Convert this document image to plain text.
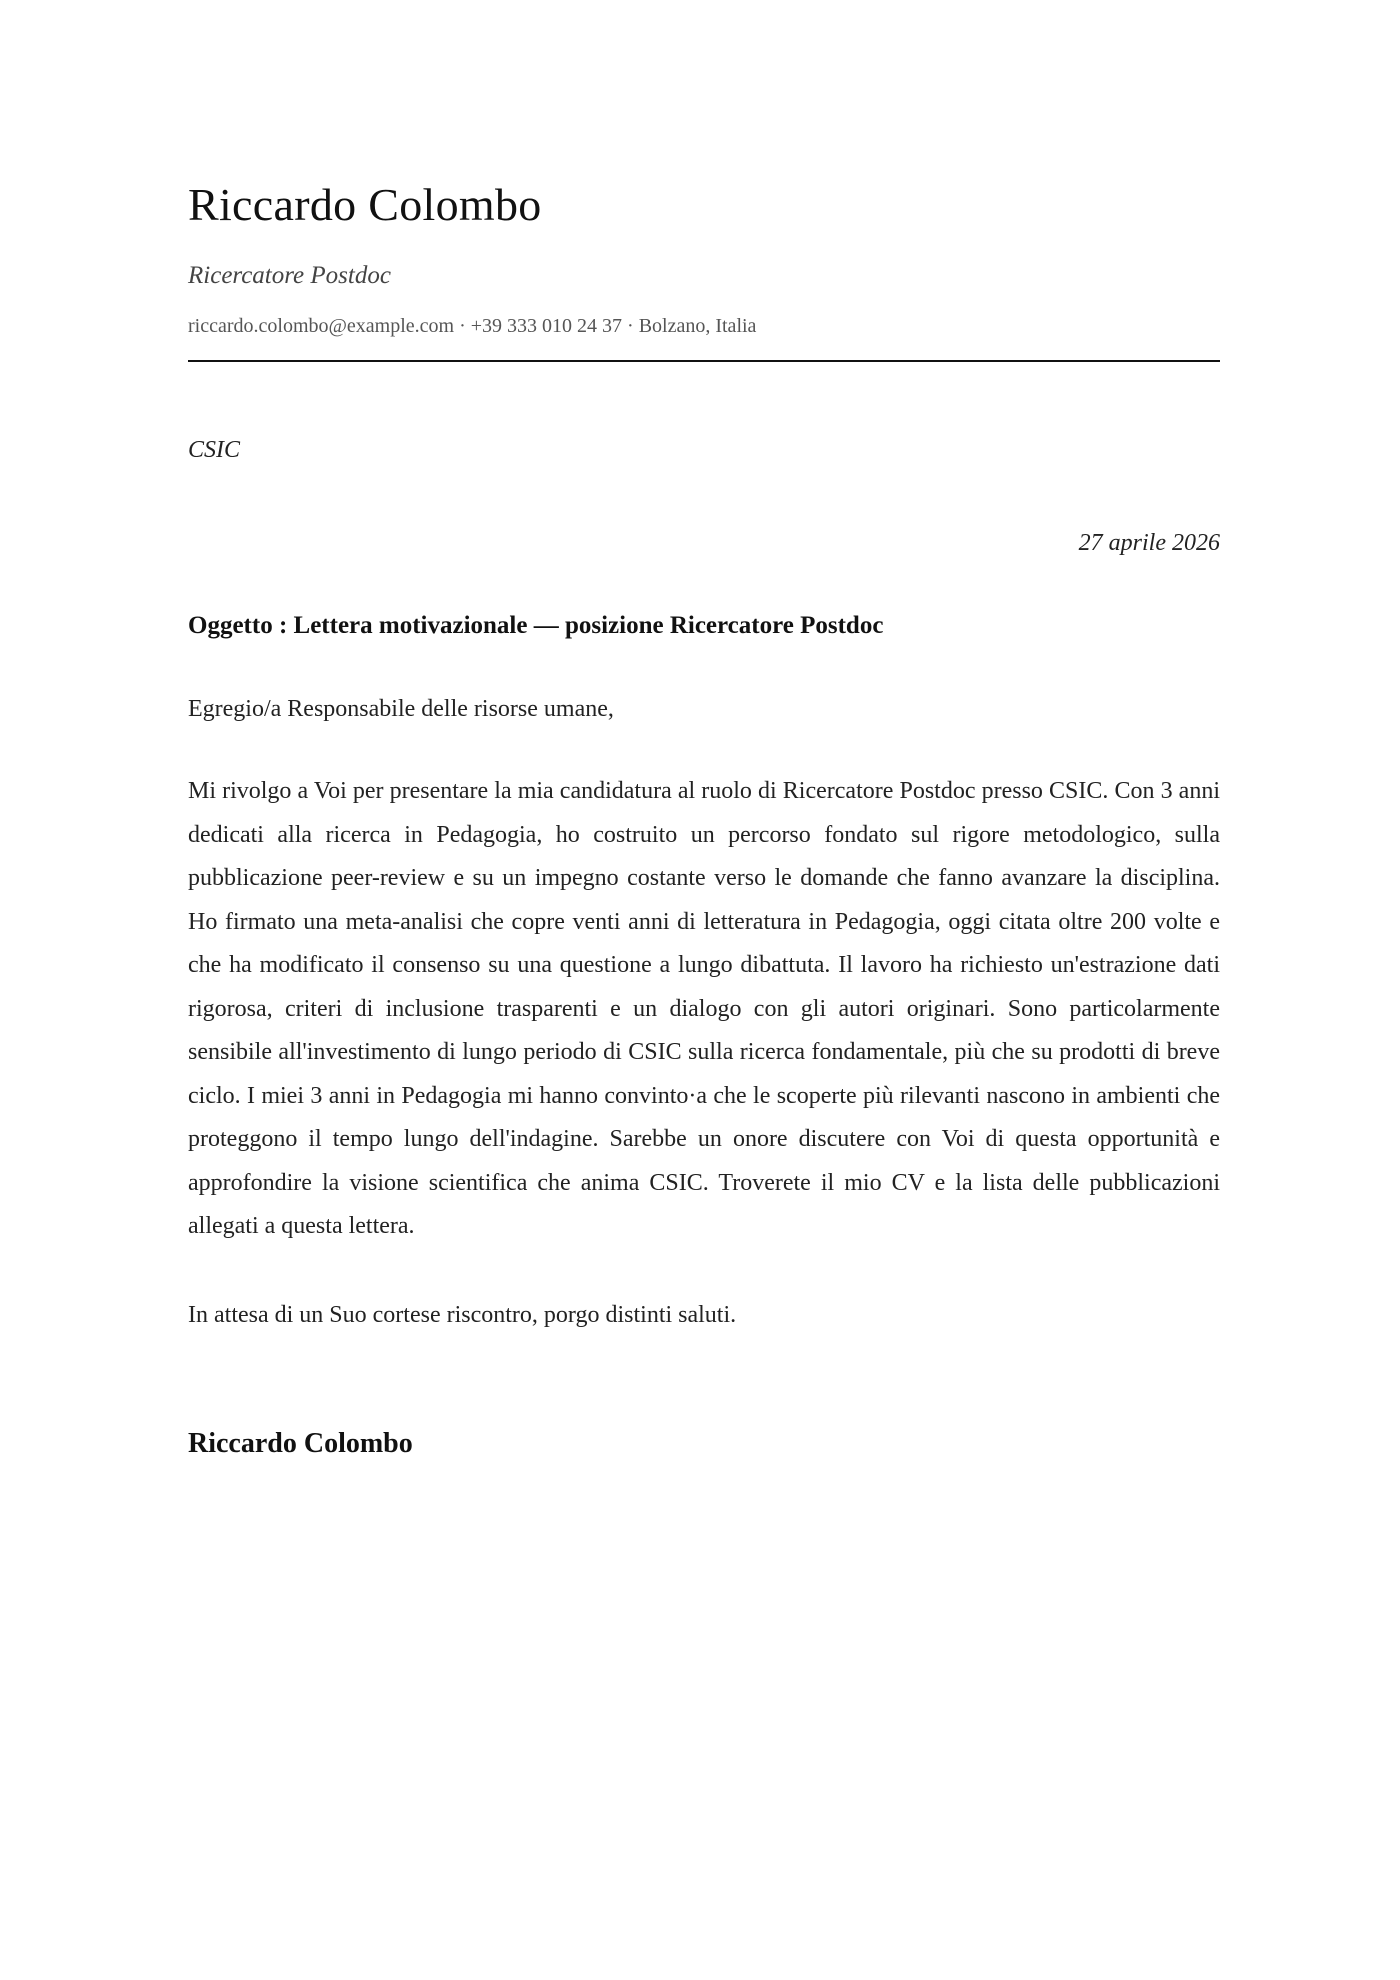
Riccardo Colombo
Ricercatore Postdoc
riccardo.colombo@example.com · +39 333 010 24 37 · Bolzano, Italia
CSIC
27 aprile 2026
Oggetto : Lettera motivazionale — posizione Ricercatore Postdoc
Egregio/a Responsabile delle risorse umane,

Mi rivolgo a Voi per presentare la mia candidatura al ruolo di Ricercatore Postdoc presso CSIC. Con 3 anni dedicati alla ricerca in Pedagogia, ho costruito un percorso fondato sul rigore metodologico, sulla pubblicazione peer-review e su un impegno costante verso le domande che fanno avanzare la disciplina. Ho firmato una meta-analisi che copre venti anni di letteratura in Pedagogia, oggi citata oltre 200 volte e che ha modificato il consenso su una questione a lungo dibattuta. Il lavoro ha richiesto un'estrazione dati rigorosa, criteri di inclusione trasparenti e un dialogo con gli autori originari. Sono particolarmente sensibile all'investimento di lungo periodo di CSIC sulla ricerca fondamentale, più che su prodotti di breve ciclo. I miei 3 anni in Pedagogia mi hanno convinto·a che le scoperte più rilevanti nascono in ambienti che proteggono il tempo lungo dell'indagine. Sarebbe un onore discutere con Voi di questa opportunità e approfondire la visione scientifica che anima CSIC. Troverete il mio CV e la lista delle pubblicazioni allegati a questa lettera.

In attesa di un Suo cortese riscontro, porgo distinti saluti.
Riccardo Colombo
